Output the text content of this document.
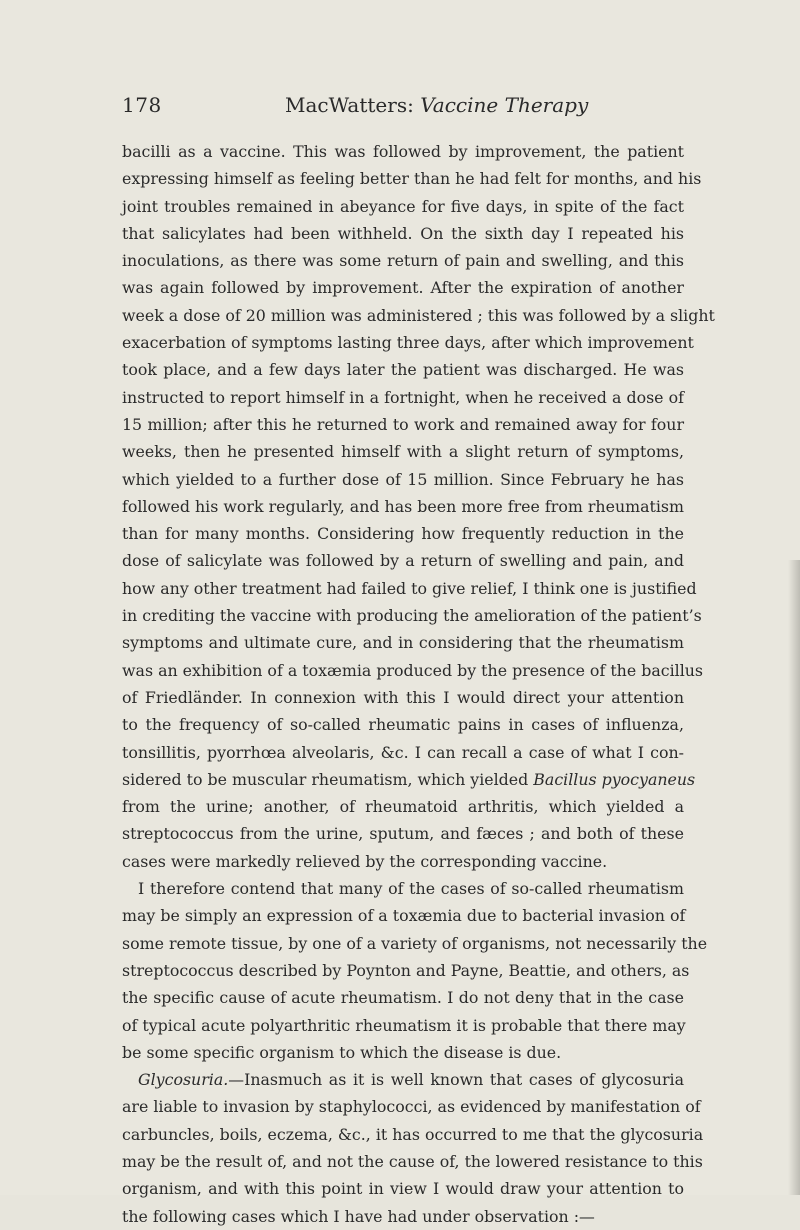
178	MacWatters: Vaccine Therapy
bacilli as a vaccine. This was followed by improvement, the patient
expressing himself as feeling better than he had felt for months, and his
joint troubles remained in abeyance for five days, in spite of the fact
that salicylates had been withheld. On the sixth day I repeated his
inoculations, as there was some return of pain and swelling, and this
was again followed by improvement. After the expiration of another
week a dose of 20 million was administered ; this was followed by a slight
exacerbation of symptoms lasting three days, after which improvement
took place, and a few days later the patient was discharged. He was
instructed to report himself in a fortnight, when he received a dose of
15 million; after this he returned to work and remained away for four
weeks, then he presented himself with a slight return of symptoms,
which yielded to a further dose of 15 million. Since February he has
followed his work regularly, and has been more free from rheumatism
than for many months. Considering how frequently reduction in the
dose of salicylate was followed by a return of swelling and pain, and
how any other treatment had failed to give relief, I think one is justified
in crediting the vaccine with producing the amelioration of the patient’s
symptoms and ultimate cure, and in considering that the rheumatism
was an exhibition of a toxæmia produced by the presence of the bacillus
of Friedländer. In connexion with this I would direct your attention
to the frequency of so-called rheumatic pains in cases of influenza,
tonsillitis, pyorrhœa alveolaris, &c. I can recall a case of what I con-
sidered to be muscular rheumatism, which yielded Bacillus pyocyaneus
from the urine; another, of rheumatoid arthritis, which yielded a
streptococcus from the urine, sputum, and fæces ; and both of these
cases were markedly relieved by the corresponding vaccine.
I therefore contend that many of the cases of so-called rheumatism
may be simply an expression of a toxæmia due to bacterial invasion of
some remote tissue, by one of a variety of organisms, not necessarily the
streptococcus described by Poynton and Payne, Beattie, and others, as
the specific cause of acute rheumatism. I do not deny that in the case
of typical acute polyarthritic rheumatism it is probable that there may
be some specific organism to which the disease is due.
Glycosuria.—Inasmuch as it is well known that cases of glycosuria
are liable to invasion by staphylococci, as evidenced by manifestation of
carbuncles, boils, eczema, &c., it has occurred to me that the glycosuria
may be the result of, and not the cause of, the lowered resistance to this
organism, and with this point in view I would draw your attention to
the following cases which I have had under observation :—
